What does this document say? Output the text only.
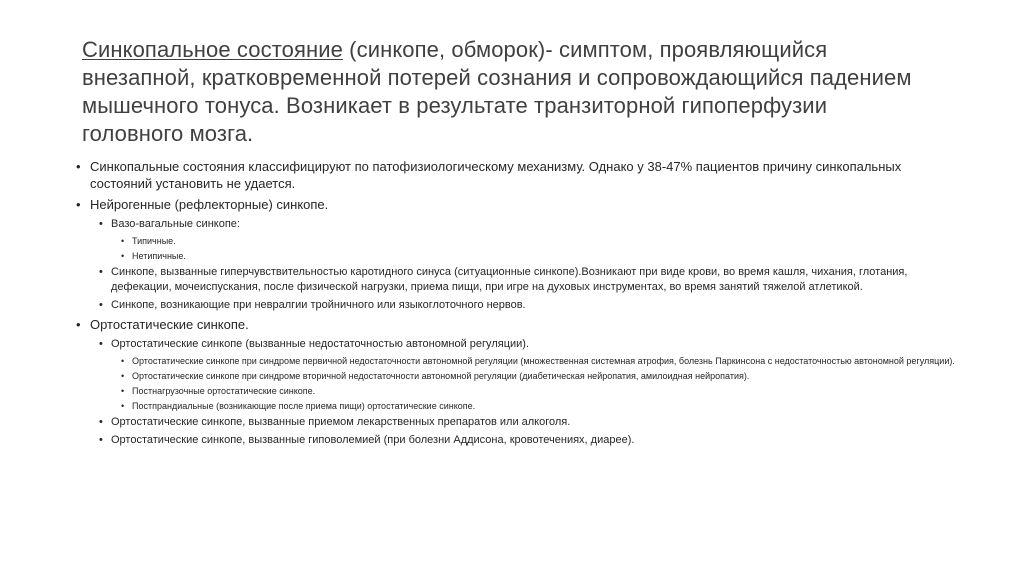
Синкопальное состояние (синкопе, обморок)- симптом, проявляющийся внезапной, кратковременной потерей сознания и сопровождающийся падением мышечного тонуса. Возникает в результате транзиторной гипоперфузии головного мозга.
• Синкопальные состояния классифицируют по патофизиологическому механизму. Однако у 38-47% пациентов причину синкопальных состояний установить не удается.
• Нейрогенные (рефлекторные) синкопе.
• Вазо-вагальные синкопе:
• Типичные.
• Нетипичные.
• Синкопе, вызванные гиперчувствительностью каротидного синуса (ситуационные синкопе).Возникают при виде крови, во время кашля, чихания, глотания, дефекации, мочеиспускания, после физической нагрузки, приема пищи, при игре на духовых инструментах, во время занятий тяжелой атлетикой.
• Синкопе, возникающие при невралгии тройничного или языкоглоточного нервов.
• Ортостатические синкопе.
• Ортостатические синкопе (вызванные недостаточностью автономной регуляции).
• Ортостатические синкопе при синдроме первичной недостаточности автономной регуляции (множественная системная атрофия, болезнь Паркинсона с недостаточностью автономной регуляции).
• Ортостатические синкопе при синдроме вторичной недостаточности автономной регуляции (диабетическая нейропатия, амилоидная нейропатия).
• Постнагрузочные ортостатические синкопе.
• Постпрандиальные (возникающие после приема пищи) ортостатические синкопе.
• Ортостатические синкопе, вызванные приемом лекарственных препаратов или алкоголя.
• Ортостатические синкопе, вызванные гиповолемией (при болезни Аддисона, кровотечениях, диарее).
